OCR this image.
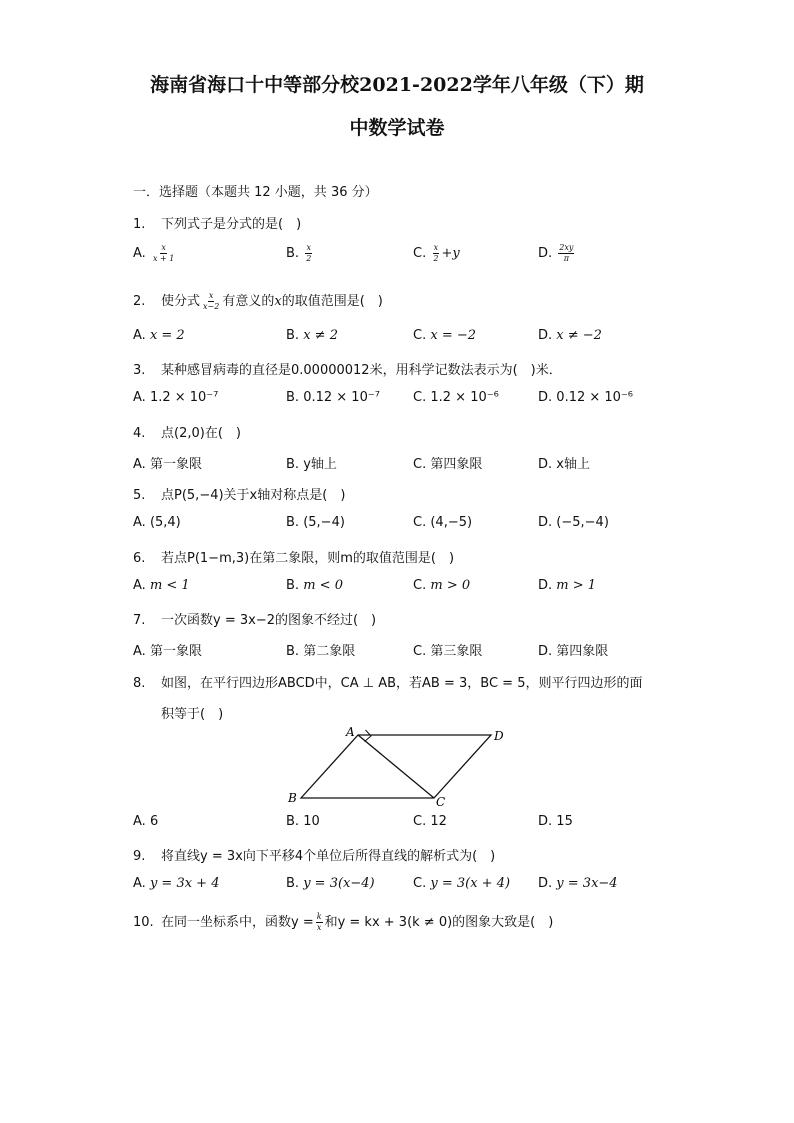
海南省海口十中等部分校2021-2022学年八年级（下）期
中数学试卷
一．选择题（本题共 12 小题，共 36 分）
1. 下列式子是分式的是(　)
A. $\frac{x}{x + 1}$	B. $\frac{x}{2}$	C. $\frac{x}{2} +y$	D. $\frac{2xy}{\pi}$
2. 使分式 $\frac{x}{x-2}$ 有意义的x的取值范围是(　)
A. x = 2	B. x ≠ 2	C. x = −2	D. x ≠ −2
3. 某种感冒病毒的直径是0.00000012米，用科学记数法表示为(　)米．
A. 1.2 × 10⁻⁷	B. 0.12 × 10⁻⁷	C. 1.2 × 10⁻⁶	D. 0.12 × 10⁻⁶
4. 点(2,0)在(　)
A. 第一象限	B. y轴上	C. 第四象限	D. x轴上
5. 点P(5,−4)关于x轴对称点是(　)
A. (5,4)	B. (5,−4)	C. (4,−5)	D. (−5,−4)
6. 若点P(1−m,3)在第二象限，则m的取值范围是(　)
A. m < 1	B. m < 0	C. m > 0	D. m > 1
7. 一次函数y = 3x−2的图象不经过(　)
A. 第一象限	B. 第二象限	C. 第三象限	D. 第四象限
8. 如图，在平行四边形ABCD中，CA ⊥ AB，若AB = 3，BC = 5，则平行四边形的面
积等于(　)
A
B	C
D
A. 6	B. 10	C. 12	D. 15
9. 将直线y = 3x向下平移4个单位后所得直线的解析式为(　)
A. y = 3x + 4	B. y = 3(x−4)	C. y = 3(x + 4) D. y = 3x−4
10. 在同一坐标系中，函数$y = \frac{k}{x}$ 和y = kx + 3(k ≠ 0)的图象大致是(　)
